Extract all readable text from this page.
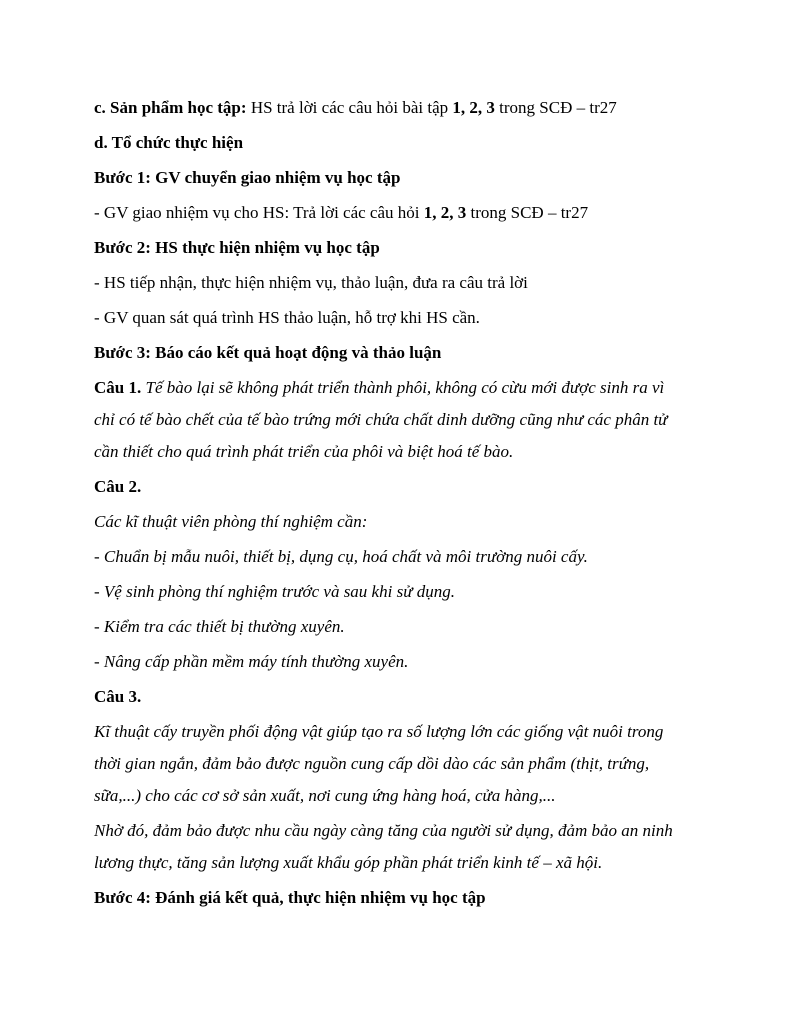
c. Sản phẩm học tập: HS trả lời các câu hỏi bài tập 1, 2, 3 trong SCĐ – tr27
d. Tổ chức thực hiện
Bước 1: GV chuyển giao nhiệm vụ học tập
- GV giao nhiệm vụ cho HS: Trả lời các câu hỏi 1, 2, 3 trong SCĐ – tr27
Bước 2: HS thực hiện nhiệm vụ học tập
- HS tiếp nhận, thực hiện nhiệm vụ, thảo luận, đưa ra câu trả lời
- GV quan sát quá trình HS thảo luận, hỗ trợ khi HS cần.
Bước 3: Báo cáo kết quả hoạt động và thảo luận
Câu 1. Tế bào lại sẽ không phát triển thành phôi, không có cừu mới được sinh ra vì
chỉ có tế bào chết của tế bào trứng mới chứa chất dinh dưỡng cũng như các phân tử
cần thiết cho quá trình phát triển của phôi và biệt hoá tế bào.
Câu 2.
Các kĩ thuật viên phòng thí nghiệm cần:
- Chuẩn bị mẫu nuôi, thiết bị, dụng cụ, hoá chất và môi trường nuôi cấy.
- Vệ sinh phòng thí nghiệm trước và sau khi sử dụng.
- Kiểm tra các thiết bị thường xuyên.
- Nâng cấp phần mềm máy tính thường xuyên.
Câu 3.
Kĩ thuật cấy truyền phối động vật giúp tạo ra số lượng lớn các giống vật nuôi trong
thời gian ngắn, đảm bảo được nguồn cung cấp dồi dào các sản phẩm (thịt, trứng,
sữa,...) cho các cơ sở sản xuất, nơi cung ứng hàng hoá, cửa hàng,...
Nhờ đó, đảm bảo được nhu cầu ngày càng tăng của người sử dụng, đảm bảo an ninh
lương thực, tăng sản lượng xuất khẩu góp phần phát triển kinh tế – xã hội.
Bước 4: Đánh giá kết quả, thực hiện nhiệm vụ học tập
